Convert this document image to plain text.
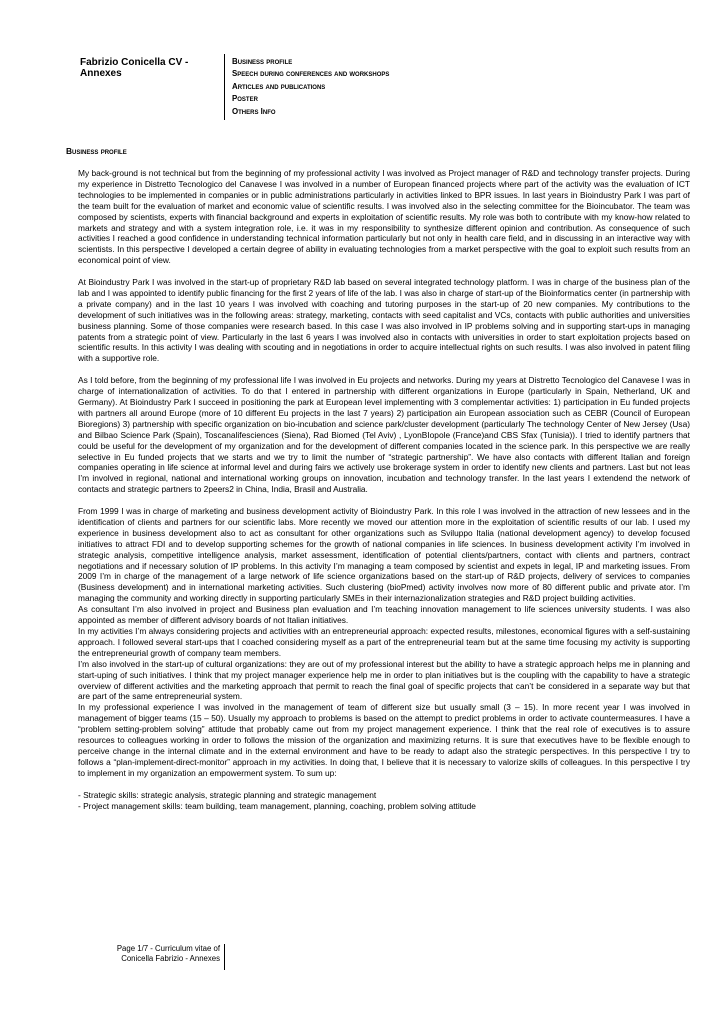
Fabrizio Conicella CV - Annexes
Business profile
Speech during conferences and workshops
Articles and publications
Poster
Others Info
Business profile

My back-ground is not technical but from the beginning of my professional activity I was involved as Project manager of R&D and technology transfer projects. During my experience in Distretto Tecnologico del Canavese I was involved in a number of European financed projects where part of the activity was the evaluation of ICT technologies to be implemented in companies or in public administrations particularly in activities linked to BPR issues. In last years in Bioindustry Park I was part of the team built for the evaluation of market and economic value of scientific results. I was involved also in the selecting committee for the Bioincubator. The team was composed by scientists, experts with financial background and experts in exploitation of scientific results. My role was both to contribute with my know-how related to markets and strategy and with a system integration role, i.e. it was in my responsibility to synthesize different opinion and contribution. As consequence of such activities I reached a good confidence in understanding technical information particularly but not only in health care field, and in discussing in an interactive way with scientists. In this perspective I developed a certain degree of ability in evaluating technologies from a market perspective with the goal to exploit such results from an economical point of view.

At Bioindustry Park I was involved in the start-up of proprietary R&D lab based on several integrated technology platform. I was in charge of the business plan of the lab and I was appointed to identify public financing for the first 2 years of life of the lab. I was also in charge of start-up of the Bioinformatics center (in partnership with a private company) and in the last 10 years I was involved with coaching and tutoring purposes in the start-up of 20 new companies. My contributions to the development of such initiatives was in the following areas: strategy, marketing, contacts with seed capitalist and VCs, contacts with public authorities and universities business planning. Some of those companies were research based. In this case I was also involved in IP problems solving and in supporting start-ups in managing patents from a strategic point of view. Particularly in the last 6 years I was involved also in contacts with universities in order to start exploitation projects based on scientific results. In this activity I was dealing with scouting and in negotiations in order to acquire intellectual rights on such results. I was also involved in patent filing with a supportive role.

As I told before, from the beginning of my professional life I was involved in Eu projects and networks. During my years at Distretto Tecnologico del Canavese I was in charge of internationalization of activities. To do that I entered in partnership with different organizations in Europe (particularly in Spain, Netherland, UK and Germany). At Bioindustry Park I succeed in positioning the park at European level implementing with 3 complementar activities: 1) participation in Eu funded projects with partners all around Europe (more of 10 different Eu projects in the last 7 years) 2) participation ain European association such as CEBR (Council of European Bioregions) 3) partnership with specific organization on bio-incubation and science park/cluster development (particularly The technology Center of New Jersey (Usa) and Bilbao Science Park (Spain), Toscanalifesciences (Siena), Rad Biomed (Tel Aviv) , LyonBIopole (France)and CBS Sfax (Tunisia)). I tried to identify partners that could be useful for the development of my organization and for the development of different companies located in the science park. In this perspective we are really selective in Eu funded projects that we starts and we try to limit the number of “strategic partnership”. We have also contacts with different Italian and foreign companies operating in life science at informal level and during fairs we actively use brokerage system in order to identify new clients and partners. Last but not leas I’m involved in regional, national and international working groups on innovation, incubation and technology transfer. In the last years I extendend the network of contacts and strategic partners to 2peers2 in China, India, Brasil and Australia.

From 1999 I was in charge of marketing and business development activity of Bioindustry Park. In this role I was involved in the attraction of new lessees and in the identification of clients and partners for our scientific labs. More recently we moved our attention more in the exploitation of scientific results of our lab. I used my experience in business development also to act as consultant for other organizations such as Sviluppo Italia (national development agency) to develop focused initiatives to attract FDI and to develop supporting schemes for the growth of national companies in life sciences. In business development activity I’m involved in strategic analysis, competitive intelligence analysis, market assessment, identification of potential clients/partners, contact with clients and partners, contract negotiations and if necessary solution of IP problems. In this activity I’m managing a team composed by scientist and expets in legal, IP and marketing issues. From 2009 I’m in charge of the management of a large network of life science organizations based on the start-up of R&D projects, delivery of services to companies (Business development) and in international marketing activities. Such clustering (bioPmed) activity involves now more of 80 different public and private ator. I’m managing the community and working directly in supporting particularly SMEs in their internazionalization strategies and R&D project building activities.

As consultant I’m also involved in project and Business plan evaluation and I’m teaching innovation management to life sciences university students. I was also appointed as member of different advisory boards of not Italian initiatives.

In my activities I’m always considering projects and activities with an entrepreneurial approach: expected results, milestones, economical figures with a self-sustaining approach. I followed several start-ups that I coached considering myself as a part of the entrepreneurial team but at the same time focusing my activity is supporting the entrepreneurial growth of company team members.

I’m also involved in the start-up of cultural organizations: they are out of my professional interest but the ability to have a strategic approach helps me in planning and start-uping of such initiatives. I think that my project manager experience help me in order to plan initiatives but is the coupling with the capability to have a strategic overview of different activities and the marketing approach that permit to reach the final goal of specific projects that can’t be considered in a separate way but that are part of the same entrepreneurial system.

In my professional experience I was involved in the management of team of different size but usually small (3 – 15). In more recent year I was involved in management of bigger teams (15 – 50). Usually my approach to problems is based on the attempt to predict problems in order to activate countermeasures. I have a “problem setting-problem solving” attitude that probably came out from my project management experience. I think that the real role of executives is to assure resources to colleagues working in order to follows the mission of the organization and maximizing returns. It is sure that executives have to be flexible enough to perceive change in the internal climate and in the external environment and have to be ready to adapt also the strategic perspectives. In this perspective I try to follows a “plan-implement-direct-monitor” approach in my activities. In doing that, I believe that it is necessary to valorize skills of colleagues. In this perspective I try to implement in my organization an empowerment system. To sum up:

- Strategic skills: strategic analysis, strategic planning and strategic management

- Project management skills: team building, team management, planning, coaching, problem solving attitude

Page 1/7 - Curriculum vitae of
Conicella Fabrizio - Annexes
